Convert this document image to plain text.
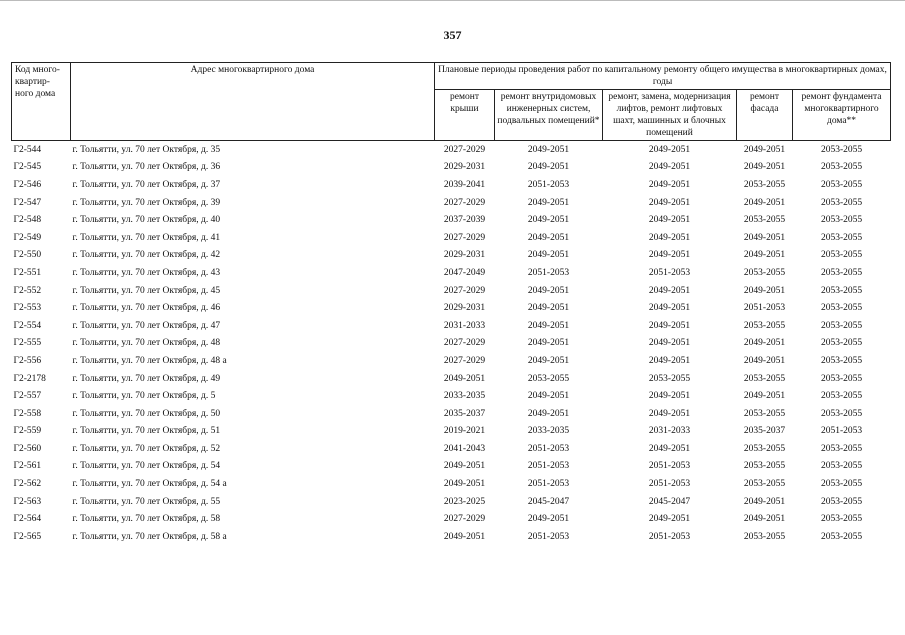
357
Код много-квартир-ного дома	Адрес многоквартирного дома	Плановые периоды проведения работ по капитальному ремонту общего имущества в многоквартирных домах, годы				
		ремонт крыши	ремонт внутридомовых инженерных систем, подвальных помещений*	ремонт, замена, модернизация лифтов, ремонт лифтовых шахт, машинных и блочных помещений	ремонт фасада	ремонт фундамента многоквартирного дома**
Г2-544	г. Тольятти, ул. 70 лет Октября, д. 35	2027-2029	2049-2051	2049-2051	2049-2051	2053-2055
Г2-545	г. Тольятти, ул. 70 лет Октября, д. 36	2029-2031	2049-2051	2049-2051	2049-2051	2053-2055
Г2-546	г. Тольятти, ул. 70 лет Октября, д. 37	2039-2041	2051-2053	2049-2051	2053-2055	2053-2055
Г2-547	г. Тольятти, ул. 70 лет Октября, д. 39	2027-2029	2049-2051	2049-2051	2049-2051	2053-2055
Г2-548	г. Тольятти, ул. 70 лет Октября, д. 40	2037-2039	2049-2051	2049-2051	2053-2055	2053-2055
Г2-549	г. Тольятти, ул. 70 лет Октября, д. 41	2027-2029	2049-2051	2049-2051	2049-2051	2053-2055
Г2-550	г. Тольятти, ул. 70 лет Октября, д. 42	2029-2031	2049-2051	2049-2051	2049-2051	2053-2055
Г2-551	г. Тольятти, ул. 70 лет Октября, д. 43	2047-2049	2051-2053	2051-2053	2053-2055	2053-2055
Г2-552	г. Тольятти, ул. 70 лет Октября, д. 45	2027-2029	2049-2051	2049-2051	2049-2051	2053-2055
Г2-553	г. Тольятти, ул. 70 лет Октября, д. 46	2029-2031	2049-2051	2049-2051	2051-2053	2053-2055
Г2-554	г. Тольятти, ул. 70 лет Октября, д. 47	2031-2033	2049-2051	2049-2051	2053-2055	2053-2055
Г2-555	г. Тольятти, ул. 70 лет Октября, д. 48	2027-2029	2049-2051	2049-2051	2049-2051	2053-2055
Г2-556	г. Тольятти, ул. 70 лет Октября, д. 48 а	2027-2029	2049-2051	2049-2051	2049-2051	2053-2055
Г2-2178	г. Тольятти, ул. 70 лет Октября, д. 49	2049-2051	2053-2055	2053-2055	2053-2055	2053-2055
Г2-557	г. Тольятти, ул. 70 лет Октября, д. 5	2033-2035	2049-2051	2049-2051	2049-2051	2053-2055
Г2-558	г. Тольятти, ул. 70 лет Октября, д. 50	2035-2037	2049-2051	2049-2051	2053-2055	2053-2055
Г2-559	г. Тольятти, ул. 70 лет Октября, д. 51	2019-2021	2033-2035	2031-2033	2035-2037	2051-2053
Г2-560	г. Тольятти, ул. 70 лет Октября, д. 52	2041-2043	2051-2053	2049-2051	2053-2055	2053-2055
Г2-561	г. Тольятти, ул. 70 лет Октября, д. 54	2049-2051	2051-2053	2051-2053	2053-2055	2053-2055
Г2-562	г. Тольятти, ул. 70 лет Октября, д. 54 а	2049-2051	2051-2053	2051-2053	2053-2055	2053-2055
Г2-563	г. Тольятти, ул. 70 лет Октября, д. 55	2023-2025	2045-2047	2045-2047	2049-2051	2053-2055
Г2-564	г. Тольятти, ул. 70 лет Октября, д. 58	2027-2029	2049-2051	2049-2051	2049-2051	2053-2055
Г2-565	г. Тольятти, ул. 70 лет Октября, д. 58 а	2049-2051	2051-2053	2051-2053	2053-2055	2053-2055
